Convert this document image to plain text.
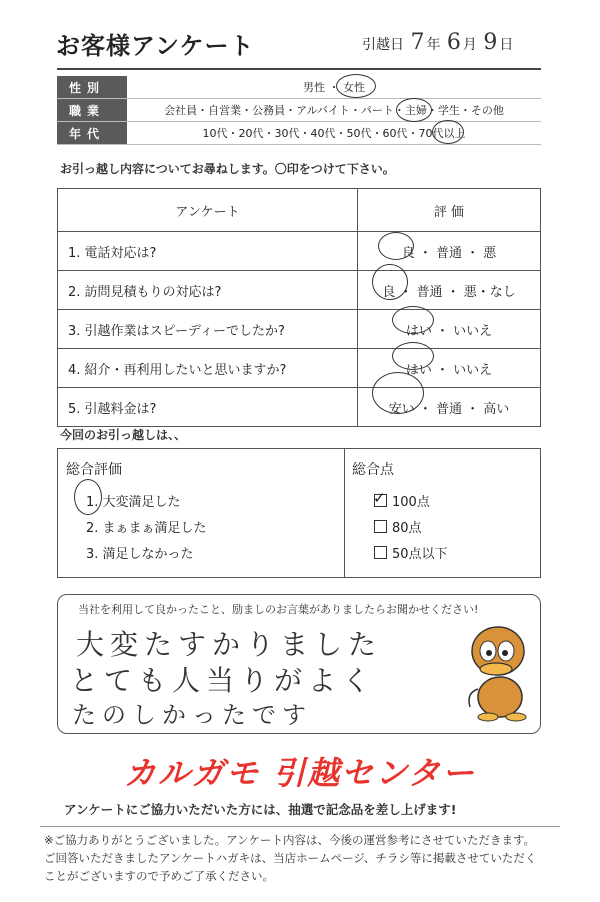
お客様アンケート	引越日 7 年 6 月 9 日
性別	男性 ・ 女性
職業	会社員・自営業・公務員・アルバイト・パート・主婦・学生・その他
年代	10代・20代・30代・40代・50代・60代・70代以上
お引っ越し内容についてお尋ねします。〇印をつけて下さい。
アンケート	評 価
1. 電話対応は?	良 ・ 普通 ・ 悪
2. 訪問見積もりの対応は?	良 ・ 普通 ・ 悪・なし
3. 引越作業はスピーディーでしたか?	はい ・ いいえ
4. 紹介・再利用したいと思いますか?	はい ・ いいえ
5. 引越料金は?	安い ・ 普通 ・ 高い
今回のお引っ越しは、、
総合評価
1. 大変満足した
2. まぁまぁ満足した
3. 満足しなかった
総合点
✓ 100点
80点
50点以下
当社を利用して良かったこと、励ましのお言葉がありましたらお聞かせください!
大変たすかりました
とても人当りがよく
たのしかったです
カルガモ 引越センター
アンケートにご協力いただいた方には、抽選で記念品を差し上げます!
※ご協力ありがとうございました。アンケート内容は、今後の運営参考にさせていただきます。
ご回答いただきましたアンケートハガキは、当店ホームページ、チラシ等に掲載させていただく
ことがございますので予めご了承ください。
